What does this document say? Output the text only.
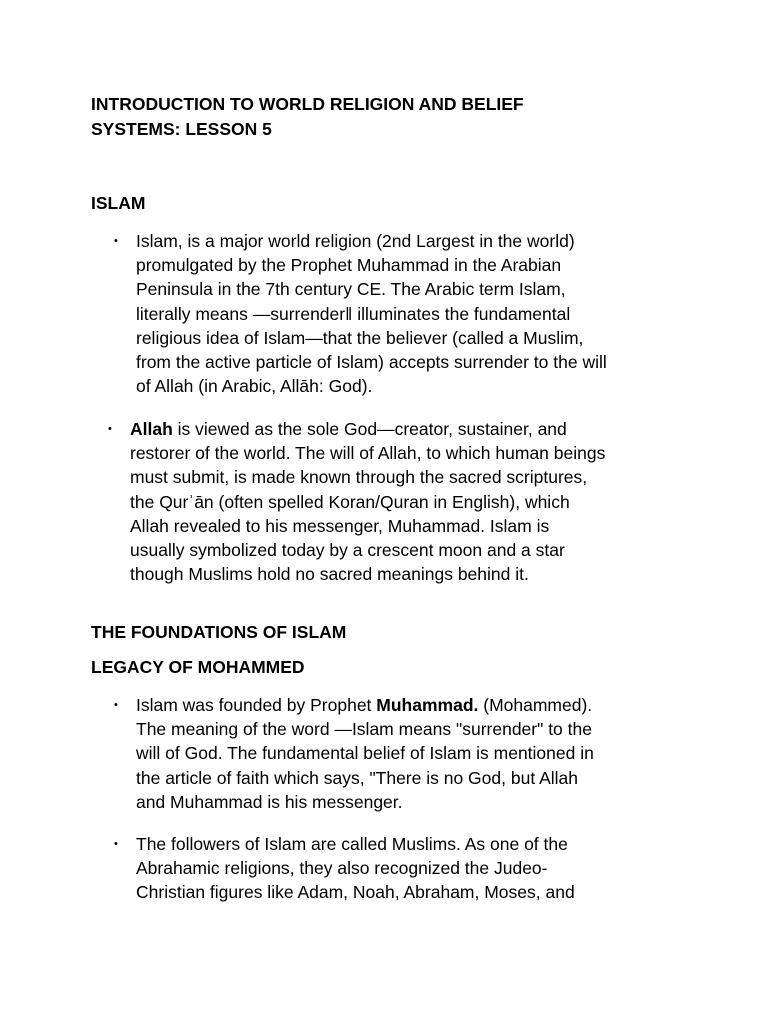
INTRODUCTION TO WORLD RELIGION AND BELIEF
SYSTEMS: LESSON 5
ISLAM
• Islam, is a major world religion (2nd Largest in the world)
promulgated by the Prophet Muhammad in the Arabian
Peninsula in the 7th century CE. The Arabic term Islam,
literally means ―surrender‖ illuminates the fundamental
religious idea of Islam—that the believer (called a Muslim,
from the active particle of Islam) accepts surrender to the will
of Allah (in Arabic, Allāh: God).
• Allah is viewed as the sole God—creator, sustainer, and
restorer of the world. The will of Allah, to which human beings
must submit, is made known through the sacred scriptures,
the Qurʾān (often spelled Koran/Quran in English), which
Allah revealed to his messenger, Muhammad. Islam is
usually symbolized today by a crescent moon and a star
though Muslims hold no sacred meanings behind it.
THE FOUNDATIONS OF ISLAM
LEGACY OF MOHAMMED
• Islam was founded by Prophet Muhammad. (Mohammed).
The meaning of the word ―Islam means "surrender" to the
will of God. The fundamental belief of Islam is mentioned in
the article of faith which says, "There is no God, but Allah
and Muhammad is his messenger.
• The followers of Islam are called Muslims. As one of the
Abrahamic religions, they also recognized the Judeo-
Christian figures like Adam, Noah, Abraham, Moses, and
